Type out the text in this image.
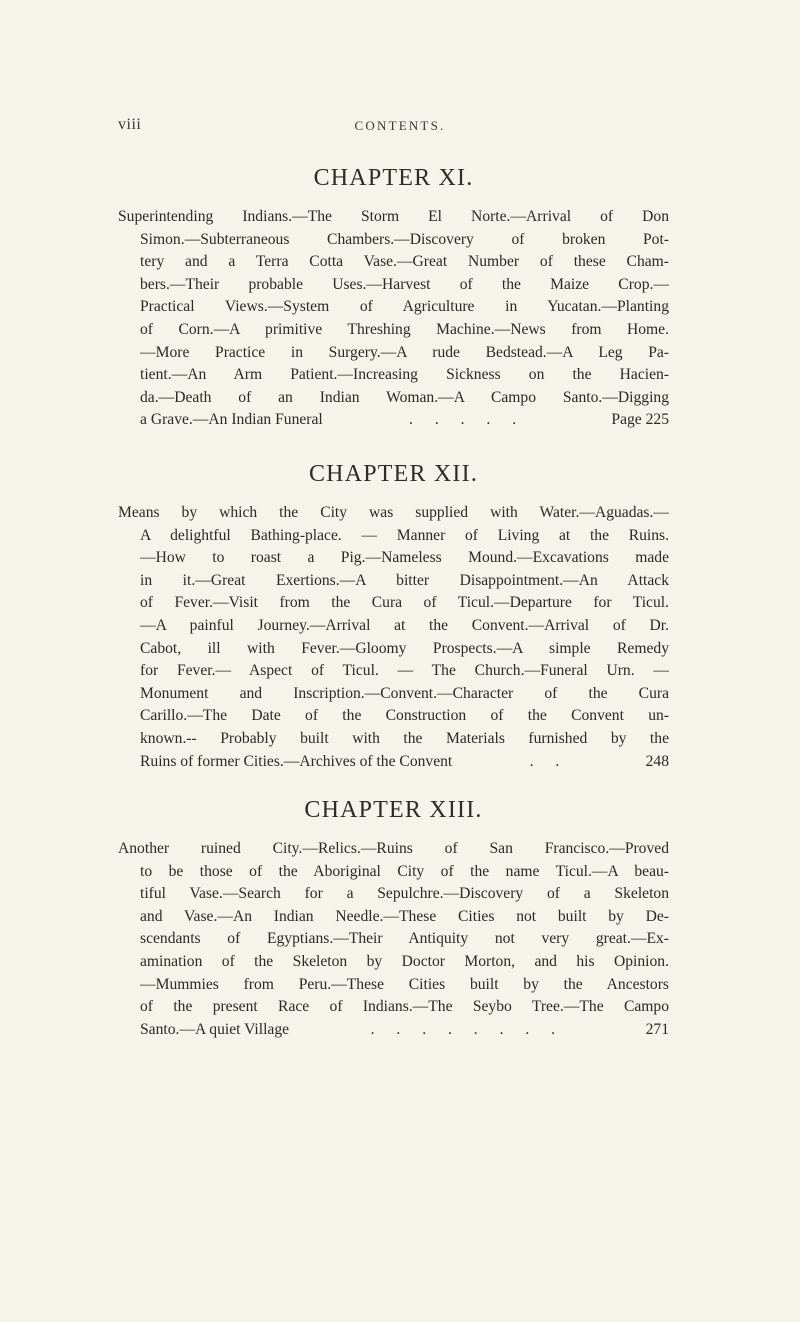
viii	CONTENTS.
CHAPTER XI.
Superintending Indians.—The Storm El Norte.—Arrival of Don
Simon.—Subterraneous Chambers.—Discovery of broken Pot-
tery and a Terra Cotta Vase.—Great Number of these Cham-
bers.—Their probable Uses.—Harvest of the Maize Crop.—
Practical Views.—System of Agriculture in Yucatan.—Planting
of Corn.—A primitive Threshing Machine.—News from Home.
—More Practice in Surgery.—A rude Bedstead.—A Leg Pa-
tient.—An Arm Patient.—Increasing Sickness on the Hacien-
da.—Death of an Indian Woman.—A Campo Santo.—Digging
a Grave.—An Indian Funeral	. . . . .	Page 225
CHAPTER XII.
Means by which the City was supplied with Water.—Aguadas.—
A delightful Bathing-place. — Manner of Living at the Ruins.
—How to roast a Pig.—Nameless Mound.—Excavations made
in it.—Great Exertions.—A bitter Disappointment.—An Attack
of Fever.—Visit from the Cura of Ticul.—Departure for Ticul.
—A painful Journey.—Arrival at the Convent.—Arrival of Dr.
Cabot, ill with Fever.—Gloomy Prospects.—A simple Remedy
for Fever.— Aspect of Ticul. — The Church.—Funeral Urn. —
Monument and Inscription.—Convent.—Character of the Cura
Carillo.—The Date of the Construction of the Convent un-
known.-- Probably built with the Materials furnished by the
Ruins of former Cities.—Archives of the Convent	. .	248
CHAPTER XIII.
Another ruined City.—Relics.—Ruins of San Francisco.—Proved
to be those of the Aboriginal City of the name Ticul.—A beau-
tiful Vase.—Search for a Sepulchre.—Discovery of a Skeleton
and Vase.—An Indian Needle.—These Cities not built by De-
scendants of Egyptians.—Their Antiquity not very great.—Ex-
amination of the Skeleton by Doctor Morton, and his Opinion.
—Mummies from Peru.—These Cities built by the Ancestors
of the present Race of Indians.—The Seybo Tree.—The Campo
Santo.—A quiet Village	. . . . . . . .	271
